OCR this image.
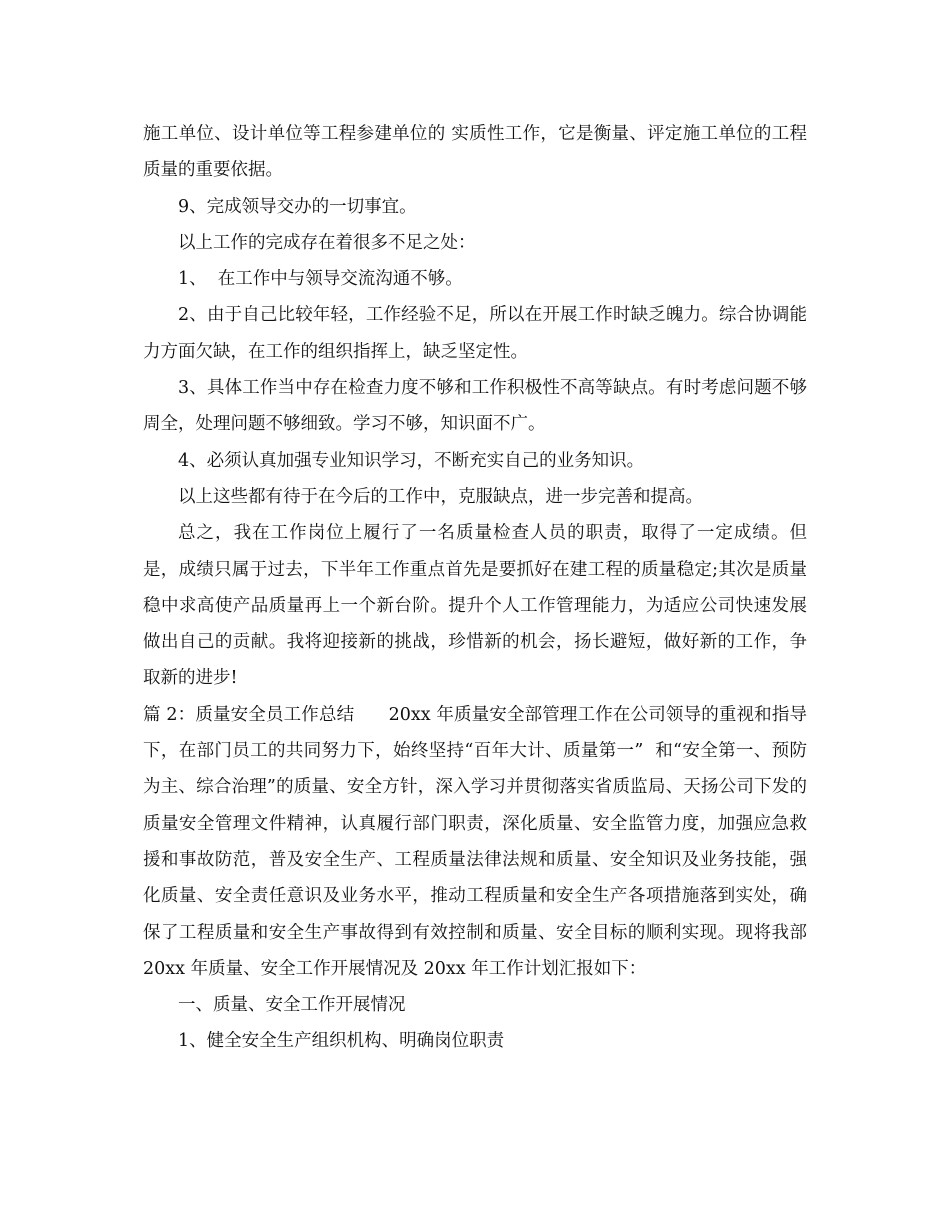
施工单位、设计单位等工程参建单位的 实质性工作，它是衡量、评定施工单位的工程质量的重要依据。

9、完成领导交办的一切事宜。

以上工作的完成存在着很多不足之处：

1、  在工作中与领导交流沟通不够。

2、由于自己比较年轻，工作经验不足，所以在开展工作时缺乏魄力。综合协调能力方面欠缺，在工作的组织指挥上，缺乏坚定性。

3、具体工作当中存在检查力度不够和工作积极性不高等缺点。有时考虑问题不够周全，处理问题不够细致。学习不够，知识面不广。

4、必须认真加强专业知识学习，不断充实自己的业务知识。

以上这些都有待于在今后的工作中，克服缺点，进一步完善和提高。

总之，我在工作岗位上履行了一名质量检查人员的职责，取得了一定成绩。但是，成绩只属于过去，下半年工作重点首先是要抓好在建工程的质量稳定;其次是质量稳中求高使产品质量再上一个新台阶。提升个人工作管理能力，为适应公司快速发展做出自己的贡献。我将迎接新的挑战，珍惜新的机会，扬长避短，做好新的工作，争取新的进步!

篇 2：质量安全员工作总结      20xx 年质量安全部管理工作在公司领导的重视和指导下，在部门员工的共同努力下，始终坚持“百年大计、质量第一”  和“安全第一、预防为主、综合治理”的质量、安全方针，深入学习并贯彻落实省质监局、天扬公司下发的质量安全管理文件精神，认真履行部门职责，深化质量、安全监管力度，加强应急救援和事故防范，普及安全生产、工程质量法律法规和质量、安全知识及业务技能，强化质量、安全责任意识及业务水平，推动工程质量和安全生产各项措施落到实处，确保了工程质量和安全生产事故得到有效控制和质量、安全目标的顺利实现。现将我部 20xx 年质量、安全工作开展情况及 20xx 年工作计划汇报如下：

一、质量、安全工作开展情况

1、健全安全生产组织机构、明确岗位职责
